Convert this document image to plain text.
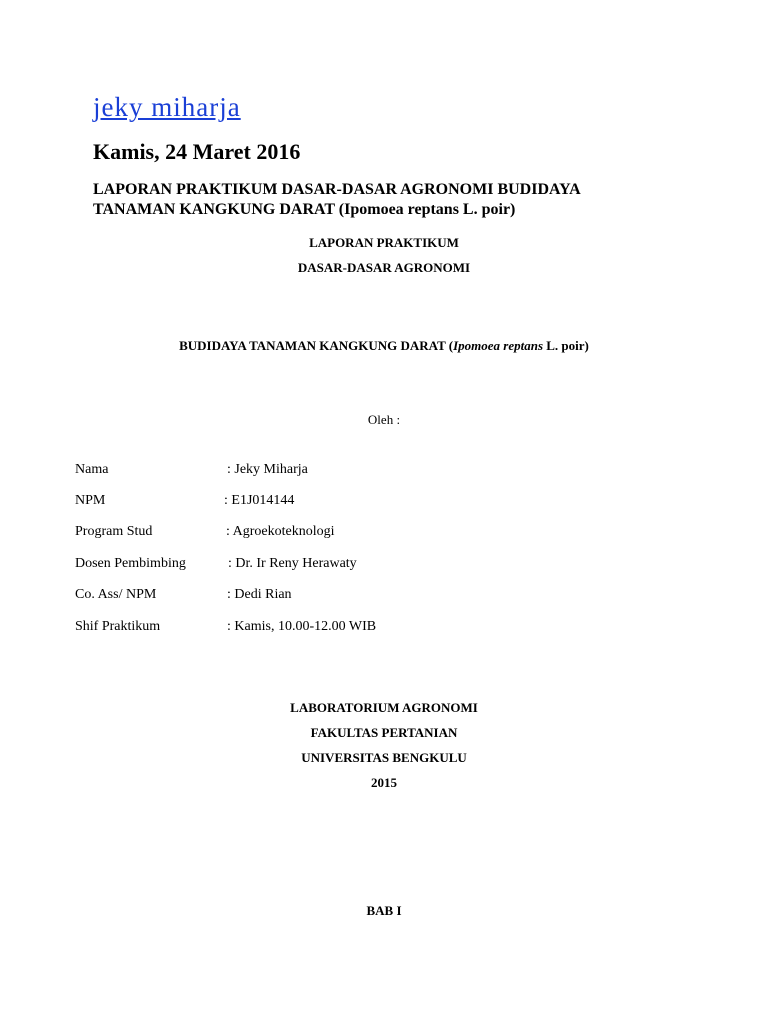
jeky miharja
Kamis, 24 Maret 2016
LAPORAN PRAKTIKUM DASAR-DASAR AGRONOMI BUDIDAYA
TANAMAN KANGKUNG DARAT (Ipomoea reptans L. poir)
LAPORAN PRAKTIKUM
DASAR-DASAR AGRONOMI
BUDIDAYA TANAMAN KANGKUNG DARAT (Ipomoea reptans L. poir)
Oleh :
Nama	: Jeky Miharja
NPM	: E1J014144
Program Stud	: Agroekoteknologi
Dosen Pembimbing	: Dr. Ir Reny Herawaty
Co. Ass/ NPM	: Dedi Rian
Shif Praktikum	: Kamis, 10.00-12.00 WIB
LABORATORIUM AGRONOMI
FAKULTAS PERTANIAN
UNIVERSITAS BENGKULU
2015
BAB I
